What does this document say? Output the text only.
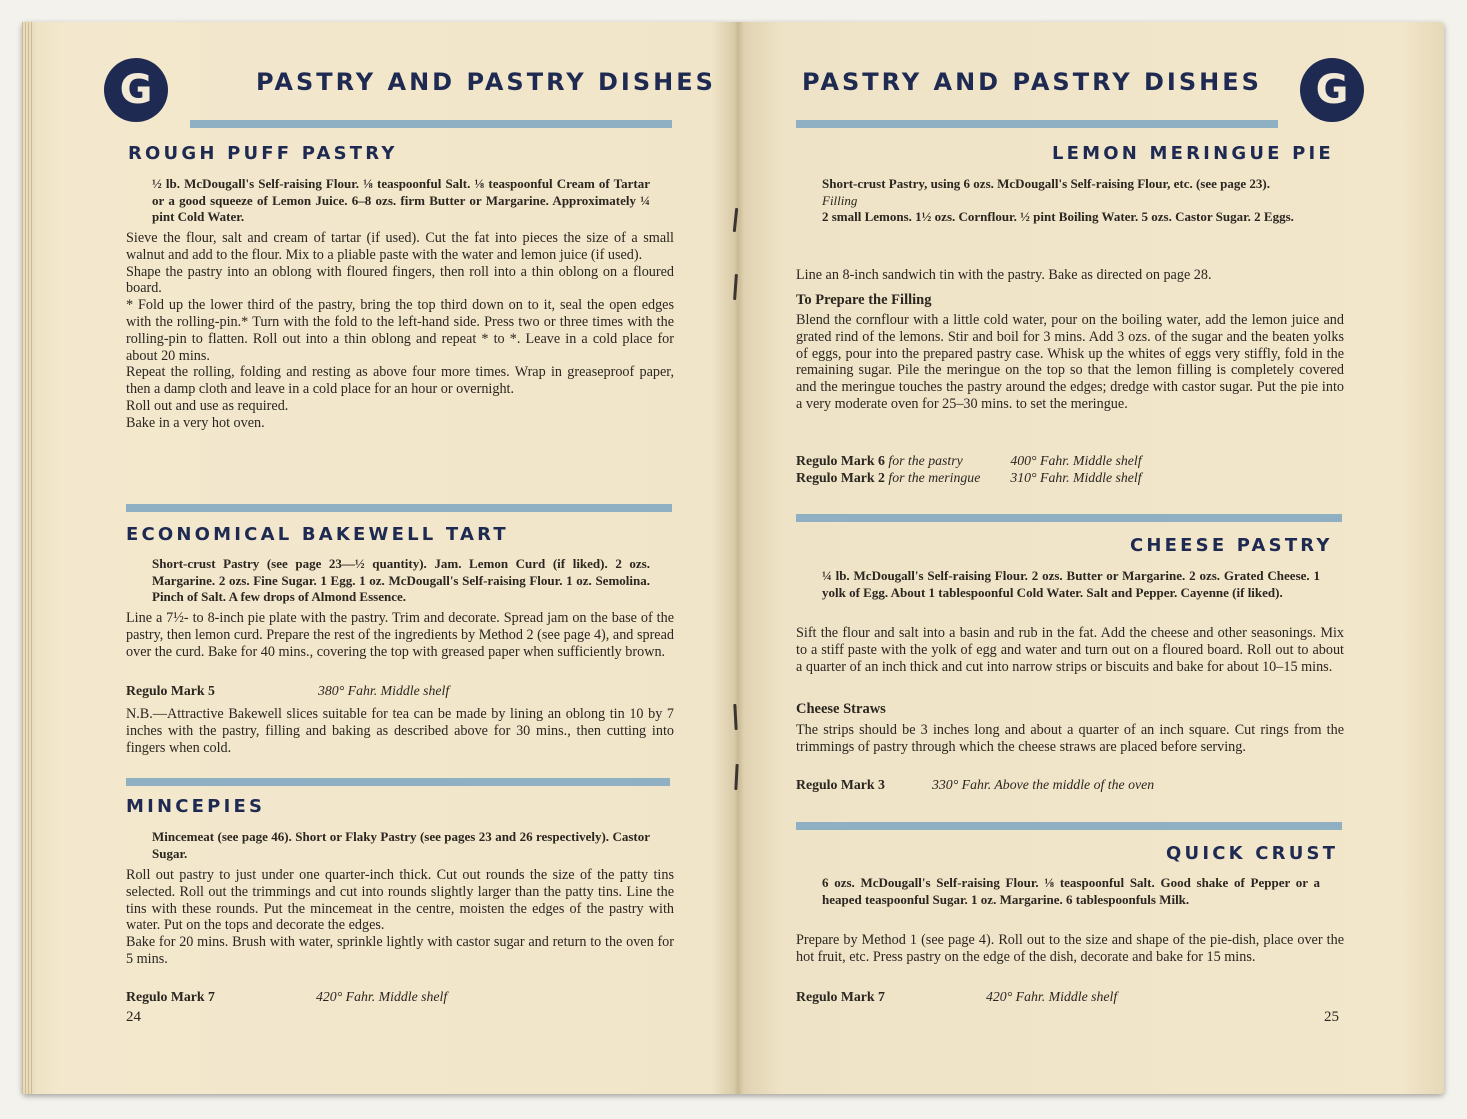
G	PASTRY AND PASTRY DISHES
ROUGH PUFF PASTRY
½ lb. McDougall's Self-raising Flour. ⅛ teaspoonful Salt. ⅛ teaspoonful Cream of Tartar or a good squeeze of Lemon Juice. 6–8 ozs. firm Butter or Margarine. Approximately ¼ pint Cold Water.

Sieve the flour, salt and cream of tartar (if used). Cut the fat into pieces the size of a small walnut and add to the flour. Mix to a pliable paste with the water and lemon juice (if used).

Shape the pastry into an oblong with floured fingers, then roll into a thin oblong on a floured board.

* Fold up the lower third of the pastry, bring the top third down on to it, seal the open edges with the rolling-pin.* Turn with the fold to the left-hand side. Press two or three times with the rolling-pin to flatten. Roll out into a thin oblong and repeat * to *. Leave in a cold place for about 20 mins.

Repeat the rolling, folding and resting as above four more times. Wrap in greaseproof paper, then a damp cloth and leave in a cold place for an hour or overnight.

Roll out and use as required.

Bake in a very hot oven.

ECONOMICAL BAKEWELL TART
Short-crust Pastry (see page 23—½ quantity). Jam. Lemon Curd (if liked). 2 ozs. Margarine. 2 ozs. Fine Sugar. 1 Egg. 1 oz. McDougall's Self-raising Flour. 1 oz. Semolina. Pinch of Salt. A few drops of Almond Essence.
Line a 7½- to 8-inch pie plate with the pastry. Trim and decorate. Spread jam on the base of the pastry, then lemon curd. Prepare the rest of the ingredients by Method 2 (see page 4), and spread over the curd. Bake for 40 mins., covering the top with greased paper when sufficiently brown.
Regulo Mark 5	380° Fahr. Middle shelf
N.B.—Attractive Bakewell slices suitable for tea can be made by lining an oblong tin 10 by 7 inches with the pastry, filling and baking as described above for 30 mins., then cutting into fingers when cold.
MINCEPIES
Mincemeat (see page 46). Short or Flaky Pastry (see pages 23 and 26 respectively). Castor Sugar.

Roll out pastry to just under one quarter-inch thick. Cut out rounds the size of the patty tins selected. Roll out the trimmings and cut into rounds slightly larger than the patty tins. Line the tins with these rounds. Put the mincemeat in the centre, moisten the edges of the pastry with water. Put on the tops and decorate the edges.

Bake for 20 mins. Brush with water, sprinkle lightly with castor sugar and return to the oven for 5 mins.

Regulo Mark 7	420° Fahr. Middle shelf
24
PASTRY AND PASTRY DISHES	G
LEMON MERINGUE PIE

Short-crust Pastry, using 6 ozs. McDougall's Self-raising Flour, etc. (see page 23).

Filling

2 small Lemons. 1½ ozs. Cornflour. ½ pint Boiling Water. 5 ozs. Castor Sugar. 2 Eggs.

Line an 8-inch sandwich tin with the pastry. Bake as directed on page 28.
To Prepare the Filling
Blend the cornflour with a little cold water, pour on the boiling water, add the lemon juice and grated rind of the lemons. Stir and boil for 3 mins. Add 3 ozs. of the sugar and the beaten yolks of eggs, pour into the prepared pastry case. Whisk up the whites of eggs very stiffly, fold in the remaining sugar. Pile the meringue on the top so that the lemon filling is completely covered and the meringue touches the pastry around the edges; dredge with castor sugar. Put the pie into a very moderate oven for 25–30 mins. to set the meringue.
Regulo Mark 6 for the pastry	400° Fahr. Middle shelf
Regulo Mark 2 for the meringue 310° Fahr. Middle shelf
CHEESE PASTRY
¼ lb. McDougall's Self-raising Flour. 2 ozs. Butter or Margarine. 2 ozs. Grated Cheese. 1 yolk of Egg. About 1 tablespoonful Cold Water. Salt and Pepper. Cayenne (if liked).
Sift the flour and salt into a basin and rub in the fat. Add the cheese and other seasonings. Mix to a stiff paste with the yolk of egg and water and turn out on a floured board. Roll out to about a quarter of an inch thick and cut into narrow strips or biscuits and bake for about 10–15 mins.
Cheese Straws
The strips should be 3 inches long and about a quarter of an inch square. Cut rings from the trimmings of pastry through which the cheese straws are placed before serving.
Regulo Mark 3	330° Fahr. Above the middle of the oven
QUICK CRUST
6 ozs. McDougall's Self-raising Flour. ⅛ teaspoonful Salt. Good shake of Pepper or a heaped teaspoonful Sugar. 1 oz. Margarine. 6 tablespoonfuls Milk.
Prepare by Method 1 (see page 4). Roll out to the size and shape of the pie-dish, place over the hot fruit, etc. Press pastry on the edge of the dish, decorate and bake for 15 mins.
Regulo Mark 7	420° Fahr. Middle shelf
25
